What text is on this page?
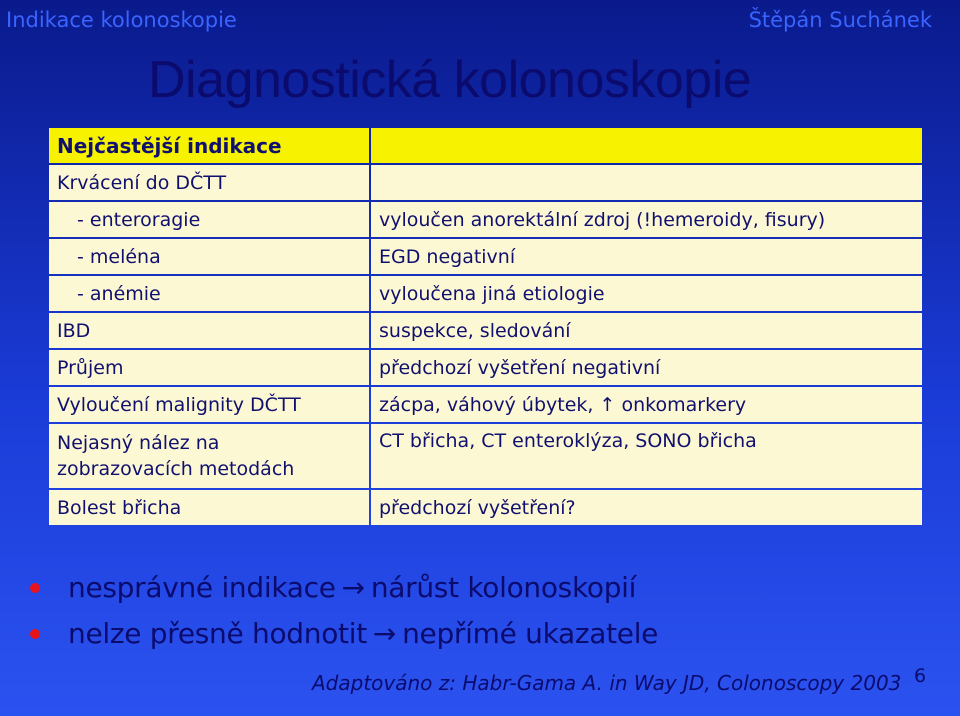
Indikace kolonoskopie	Štěpán Suchánek
Diagnostická kolonoskopie
Nejčastější indikace	
Krvácení do DČTT	
- enteroragie	vyloučen anorektální zdroj (!hemeroidy, fisury)
- meléna	EGD negativní
- anémie	vyloučena jiná etiologie
IBD	suspekce, sledování
Průjem	předchozí vyšetření negativní
Vyloučení malignity DČTT	zácpa, váhový úbytek, ↑ onkomarkery
Nejasný nález na zobrazovacích metodách	CT břicha, CT enteroklýza, SONO břicha
Bolest břicha	předchozí vyšetření?
nesprávné indikace → nárůst kolonoskopií
nelze přesně hodnotit → nepřímé ukazatele
Adaptováno z: Habr-Gama A. in Way JD, Colonoscopy 2003 6
